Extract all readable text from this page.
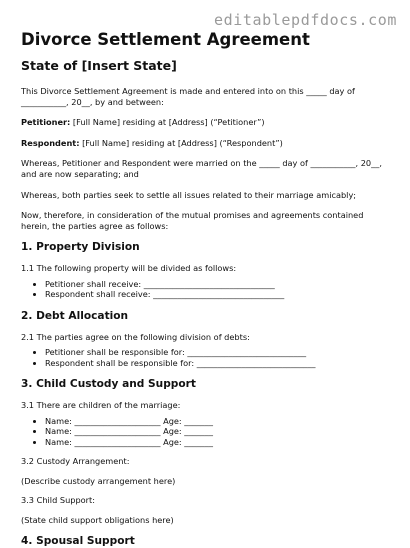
editablepdfdocs.com
Divorce Settlement Agreement
State of [Insert State]

This Divorce Settlement Agreement is made and entered into on this _____ day of ___________, 20__, by and between:

Petitioner: [Full Name] residing at [Address] (“Petitioner”)

Respondent: [Full Name] residing at [Address] (“Respondent”)

Whereas, Petitioner and Respondent were married on the _____ day of ___________, 20__, and are now separating; and

Whereas, both parties seek to settle all issues related to their marriage amicably;

Now, therefore, in consideration of the mutual promises and agreements contained herein, the parties agree as follows:

1. Property Division

1.1 The following property will be divided as follows:

• Petitioner shall receive: ________________________________
• Respondent shall receive: ________________________________
2. Debt Allocation

2.1 The parties agree on the following division of debts:

• Petitioner shall be responsible for: _____________________________
• Respondent shall be responsible for: _____________________________
3. Child Custody and Support

3.1 There are children of the marriage:

• Name: _____________________ Age: _______
• Name: _____________________ Age: _______
• Name: _____________________ Age: _______

3.2 Custody Arrangement:

(Describe custody arrangement here)

3.3 Child Support:

(State child support obligations here)

4. Spousal Support
